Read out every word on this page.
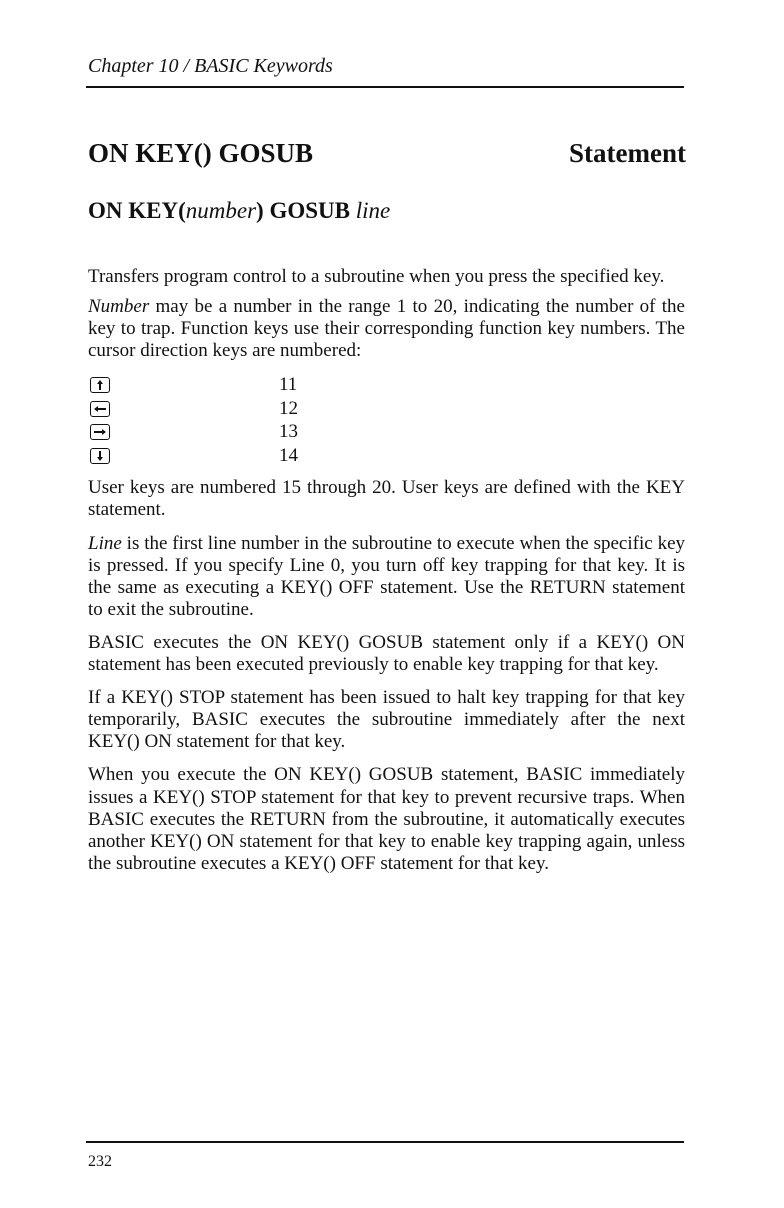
Chapter 10 / BASIC Keywords
ON KEY() GOSUB	Statement
ON KEY(number) GOSUB line

Transfers program control to a subroutine when you press the specified key.

Number may be a number in the range 1 to 20, indicating the number of the key to trap. Function keys use their corresponding function key numbers. The cursor direction keys are numbered:

11
12
13
14

User keys are numbered 15 through 20. User keys are defined with the KEY statement.

Line is the first line number in the subroutine to execute when the specific key is pressed. If you specify Line 0, you turn off key trapping for that key. It is the same as executing a KEY() OFF statement. Use the RETURN statement to exit the subroutine.

BASIC executes the ON KEY() GOSUB statement only if a KEY() ON statement has been executed previously to enable key trapping for that key.

If a KEY() STOP statement has been issued to halt key trapping for that key temporarily, BASIC executes the subroutine immediately after the next KEY() ON statement for that key.

When you execute the ON KEY() GOSUB statement, BASIC immediately issues a KEY() STOP statement for that key to prevent recursive traps. When BASIC executes the RETURN from the subroutine, it automatically executes another KEY() ON statement for that key to enable key trapping again, unless the subroutine executes a KEY() OFF statement for that key.

232
